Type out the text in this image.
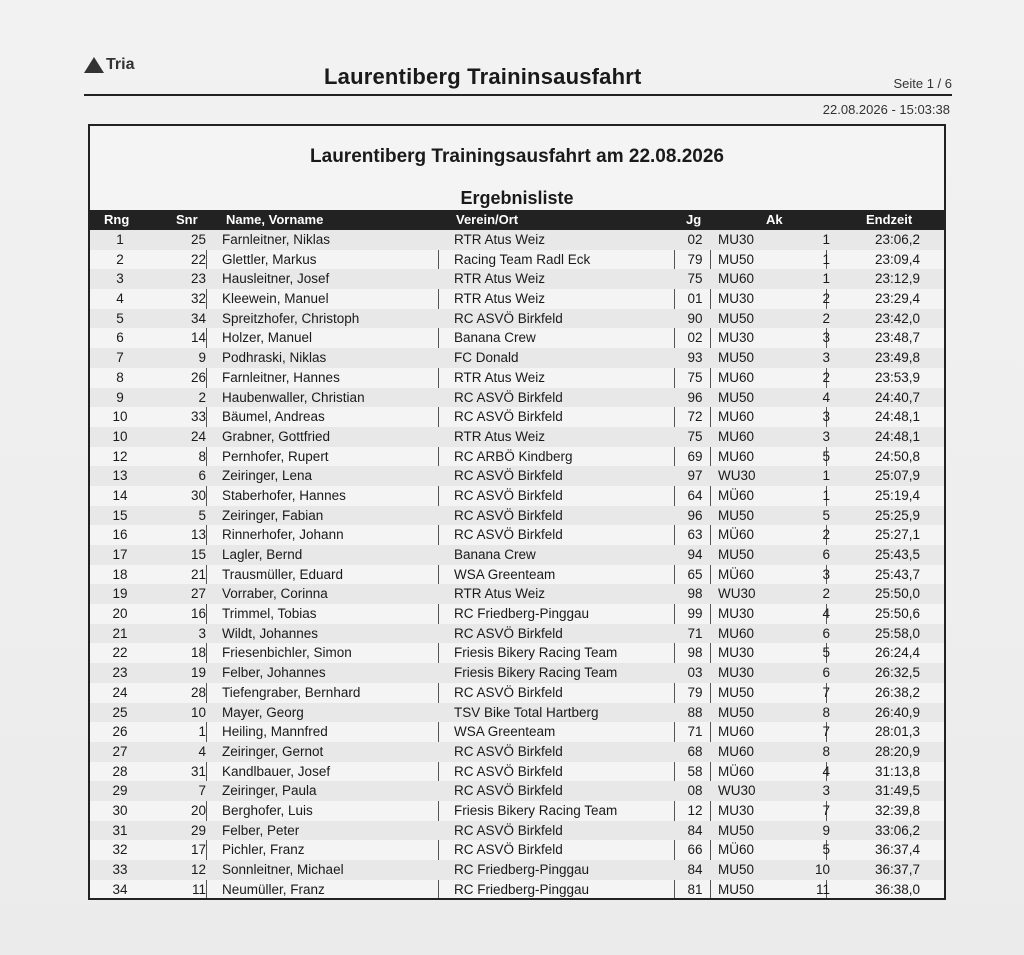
Tria	Laurentiberg Traininsausfahrt	Seite 1 / 6
22.08.2026 - 15:03:38
Laurentiberg Trainingsausfahrt am 22.08.2026
Ergebnisliste
Rng	Snr Name, Vorname	Verein/Ort	Jg	Ak	Endzeit
1	25 Farnleitner, Niklas	RTR Atus Weiz	02	MU30	1	23:06,2
2	22 Glettler, Markus	Racing Team Radl Eck	79	MU50	1	23:09,4
3	23 Hausleitner, Josef	RTR Atus Weiz	75	MU60	1	23:12,9
4	32 Kleewein, Manuel	RTR Atus Weiz	01	MU30	2	23:29,4
5	34 Spreitzhofer, Christoph	RC ASVÖ Birkfeld	90	MU50	2	23:42,0
6	14 Holzer, Manuel	Banana Crew	02	MU30	3	23:48,7
7	9 Podhraski, Niklas	FC Donald	93	MU50	3	23:49,8
8	26 Farnleitner, Hannes	RTR Atus Weiz	75	MU60	2	23:53,9
9	2 Haubenwaller, Christian	RC ASVÖ Birkfeld	96	MU50	4	24:40,7
10	33 Bäumel, Andreas	RC ASVÖ Birkfeld	72	MU60	3	24:48,1
10	24 Grabner, Gottfried	RTR Atus Weiz	75	MU60	3	24:48,1
12	8 Pernhofer, Rupert	RC ARBÖ Kindberg	69	MU60	5	24:50,8
13	6 Zeiringer, Lena	RC ASVÖ Birkfeld	97	WU30	1	25:07,9
14	30 Staberhofer, Hannes	RC ASVÖ Birkfeld	64	MÜ60	1	25:19,4
15	5 Zeiringer, Fabian	RC ASVÖ Birkfeld	96	MU50	5	25:25,9
16	13 Rinnerhofer, Johann	RC ASVÖ Birkfeld	63	MÜ60	2	25:27,1
17	15 Lagler, Bernd	Banana Crew	94	MU50	6	25:43,5
18	21 Trausmüller, Eduard	WSA Greenteam	65	MÜ60	3	25:43,7
19	27 Vorraber, Corinna	RTR Atus Weiz	98	WU30	2	25:50,0
20	16 Trimmel, Tobias	RC Friedberg-Pinggau	99	MU30	4	25:50,6
21	3 Wildt, Johannes	RC ASVÖ Birkfeld	71	MU60	6	25:58,0
22	18 Friesenbichler, Simon	Friesis Bikery Racing Team	98	MU30	5	26:24,4
23	19 Felber, Johannes	Friesis Bikery Racing Team	03	MU30	6	26:32,5
24	28 Tiefengraber, Bernhard	RC ASVÖ Birkfeld	79	MU50	7	26:38,2
25	10 Mayer, Georg	TSV Bike Total Hartberg	88	MU50	8	26:40,9
26	1 Heiling, Mannfred	WSA Greenteam	71	MU60	7	28:01,3
27	4 Zeiringer, Gernot	RC ASVÖ Birkfeld	68	MU60	8	28:20,9
28	31 Kandlbauer, Josef	RC ASVÖ Birkfeld	58	MÜ60	4	31:13,8
29	7 Zeiringer, Paula	RC ASVÖ Birkfeld	08	WU30	3	31:49,5
30	20 Berghofer, Luis	Friesis Bikery Racing Team	12	MU30	7	32:39,8
31	29 Felber, Peter	RC ASVÖ Birkfeld	84	MU50	9	33:06,2
32	17 Pichler, Franz	RC ASVÖ Birkfeld	66	MÜ60	5	36:37,4
33	12 Sonnleitner, Michael	RC Friedberg-Pinggau	84	MU50	10	36:37,7
34	11 Neumüller, Franz	RC Friedberg-Pinggau	81	MU50	11	36:38,0
